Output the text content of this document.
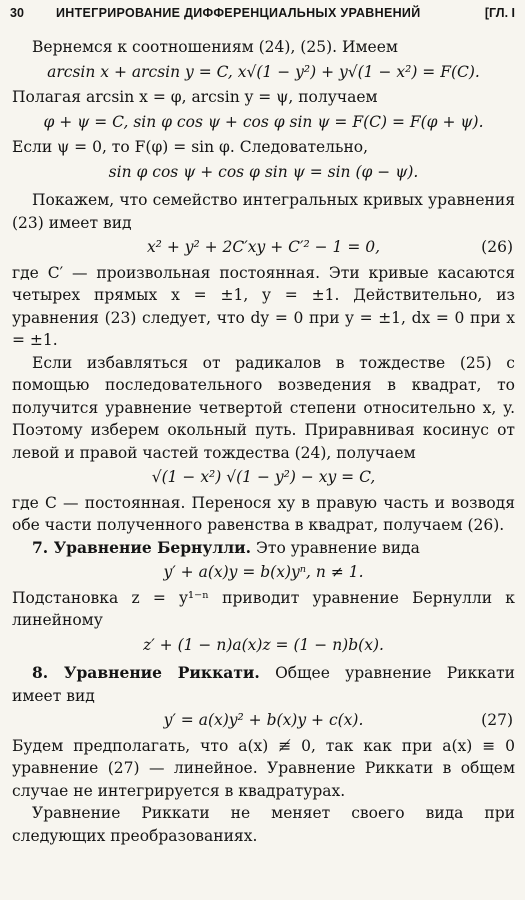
30	ИНТЕГРИРОВАНИЕ ДИФФЕРЕНЦИАЛЬНЫХ УРАВНЕНИЙ	[ГЛ. I
Вернемся к соотношениям (24), (25). Имеем
arcsin x + arcsin y = C, x√(1 − y²) + y√(1 − x²) = F(C).
Полагая arcsin x = φ, arcsin y = ψ, получаем
φ + ψ = C, sin φ cos ψ + cos φ sin ψ = F(C) = F(φ + ψ).
Если ψ = 0, то F(φ) = sin φ. Следовательно,
sin φ cos ψ + cos φ sin ψ = sin (φ − ψ).
Покажем, что семейство интегральных кривых уравнения (23) имеет вид
x² + y² + 2C′xy + C′² − 1 = 0,	(26)
где C′ — произвольная постоянная. Эти кривые касаются четырех прямых x = ±1, y = ±1. Действительно, из уравнения (23) следует, что dy = 0 при y = ±1, dx = 0 при x = ±1.
Если избавляться от радикалов в тождестве (25) с помощью последовательного возведения в квадрат, то получится уравнение четвертой степени относительно x, y. Поэтому изберем окольный путь. Приравнивая косинус от левой и правой частей тождества (24), получаем
√(1 − x²) √(1 − y²) − xy = C,
где C — постоянная. Перенося xy в правую часть и возводя обе части полученного равенства в квадрат, получаем (26).
7. Уравнение Бернулли. Это уравнение вида
y′ + a(x)y = b(x)yⁿ, n ≠ 1.
Подстановка z = y¹⁻ⁿ приводит уравнение Бернулли к линейному
z′ + (1 − n)a(x)z = (1 − n)b(x).
8. Уравнение Риккати. Общее уравнение Риккати имеет вид
y′ = a(x)y² + b(x)y + c(x).	(27)
Будем предполагать, что a(x) ≢ 0, так как при a(x) ≡ 0 уравнение (27) — линейное. Уравнение Риккати в общем случае не интегрируется в квадратурах.
Уравнение Риккати не меняет своего вида при следующих преобразованиях.
